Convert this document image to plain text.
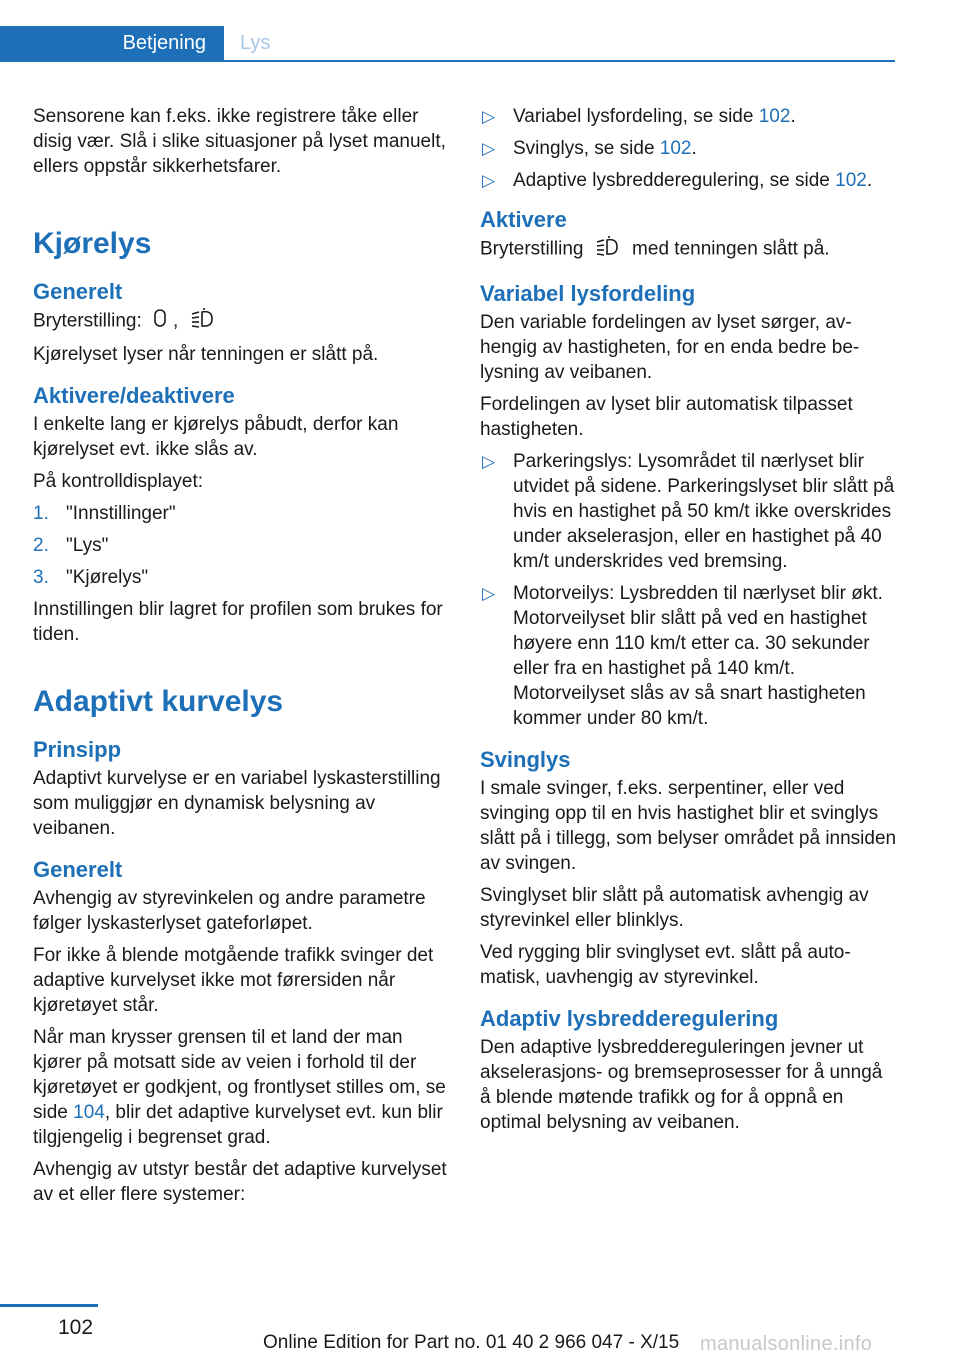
Betjening	Lys

Sensorene kan f.eks. ikke registrere tåke eller disig vær. Slå i slike situasjoner på lyset manuelt, ellers oppstår sikkerhetsfarer.

Kjørelys
Generelt

Bryterstilling: ,

Kjørelyset lyser når tenningen er slått på.

Aktivere/deaktivere

I enkelte lang er kjørelys påbudt, derfor kan kjørelyset evt. ikke slås av.

På kontrolldisplayet:

1. "Innstillinger"
2. "Lys"
3. "Kjørelys"

Innstillingen blir lagret for profilen som brukes for tiden.

Adaptivt kurvelys
Prinsipp

Adaptivt kurvelyse er en variabel lyskasterstilling som muliggjør en dynamisk belysning av veibanen.

Generelt

Avhengig av styrevinkelen og andre parametre følger lyskasterlyset gateforløpet.

For ikke å blende motgående trafikk svinger det adaptive kurvelyset ikke mot førersiden når kjøretøyet står.

Når man krysser grensen til et land der man kjører på motsatt side av veien i forhold til der kjøretøyet er godkjent, og frontlyset stilles om, se side 104, blir det adaptive kurvelyset evt. kun blir tilgjengelig i begrenset grad.

Avhengig av utstyr består det adaptive kurvelyset av et eller flere systemer:

▷ Variabel lysfordeling, se side 102.
▷ Svinglys, se side 102.
▷ Adaptive lysbredderegulering, se side 102.
Aktivere

Bryterstilling	med tenningen slått på.

Variabel lysfordeling

Den variable fordelingen av lyset sørger, avhengig av hastigheten, for en enda bedre belysning av veibanen.

Fordelingen av lyset blir automatisk tilpasset hastigheten.

▷ Parkeringslys: Lysområdet til nærlyset blir utvidet på sidene. Parkeringslyset blir slått på hvis en hastighet på 50 km/t ikke overskrides under akselerasjon, eller en hastighet på 40 km/t underskrides ved bremsing.
▷ Motorveilys: Lysbredden til nærlyset blir økt. Motorveilyset blir slått på ved en hastighet høyere enn 110 km/t etter ca. 30 sekunder eller fra en hastighet på 140 km/t. Motorveilyset slås av så snart hastigheten kommer under 80 km/t.
Svinglys

I smale svinger, f.eks. serpentiner, eller ved svinging opp til en hvis hastighet blir et svinglys slått på i tillegg, som belyser området på innsiden av svingen.

Svinglyset blir slått på automatisk avhengig av styrevinkel eller blinklys.

Ved rygging blir svinglyset evt. slått på automatisk, uavhengig av styrevinkel.

Adaptiv lysbredderegulering

Den adaptive lysbreddereguleringen jevner ut akselerasjons- og bremseprosesser for å unngå å blende møtende trafikk og for å oppnå en optimal belysning av veibanen.

102
Online Edition for Part no. 01 40 2 966 047 - X/15 manualsonline.info
